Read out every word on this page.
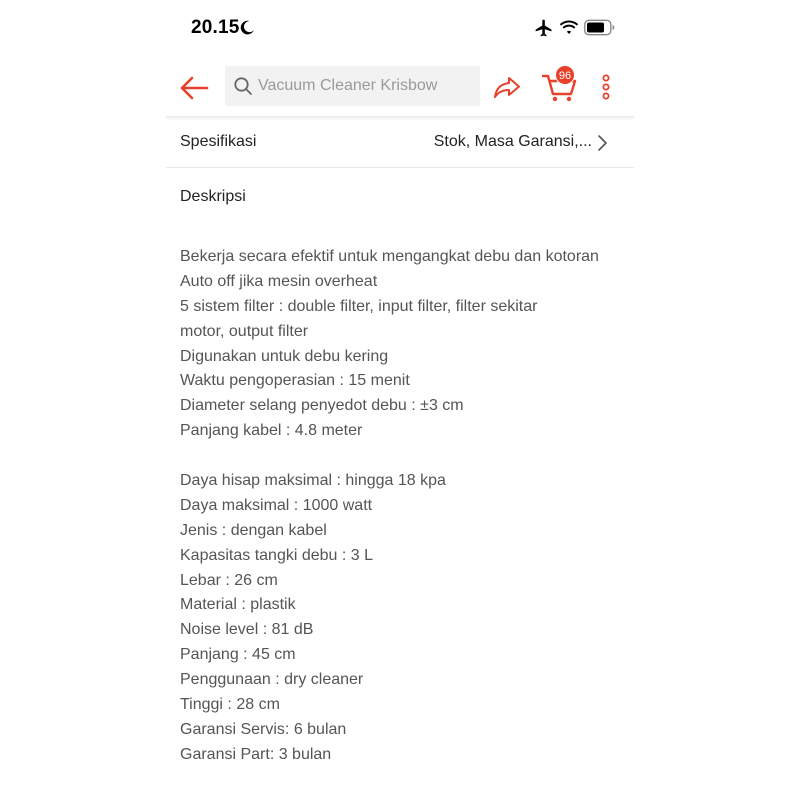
20.15
Vacuum Cleaner Krisbow
96
Spesifikasi	Stok, Masa Garansi,...
Deskripsi
Bekerja secara efektif untuk mengangkat debu dan kotoran
Auto off jika mesin overheat
5 sistem filter : double filter, input filter, filter sekitar
motor, output filter
Digunakan untuk debu kering
Waktu pengoperasian : 15 menit
Diameter selang penyedot debu : ±3 cm
Panjang kabel : 4.8 meter
Daya hisap maksimal : hingga 18 kpa
Daya maksimal : 1000 watt
Jenis : dengan kabel
Kapasitas tangki debu : 3 L
Lebar : 26 cm
Material : plastik
Noise level : 81 dB
Panjang : 45 cm
Penggunaan : dry cleaner
Tinggi : 28 cm
Garansi Servis: 6 bulan
Garansi Part: 3 bulan
